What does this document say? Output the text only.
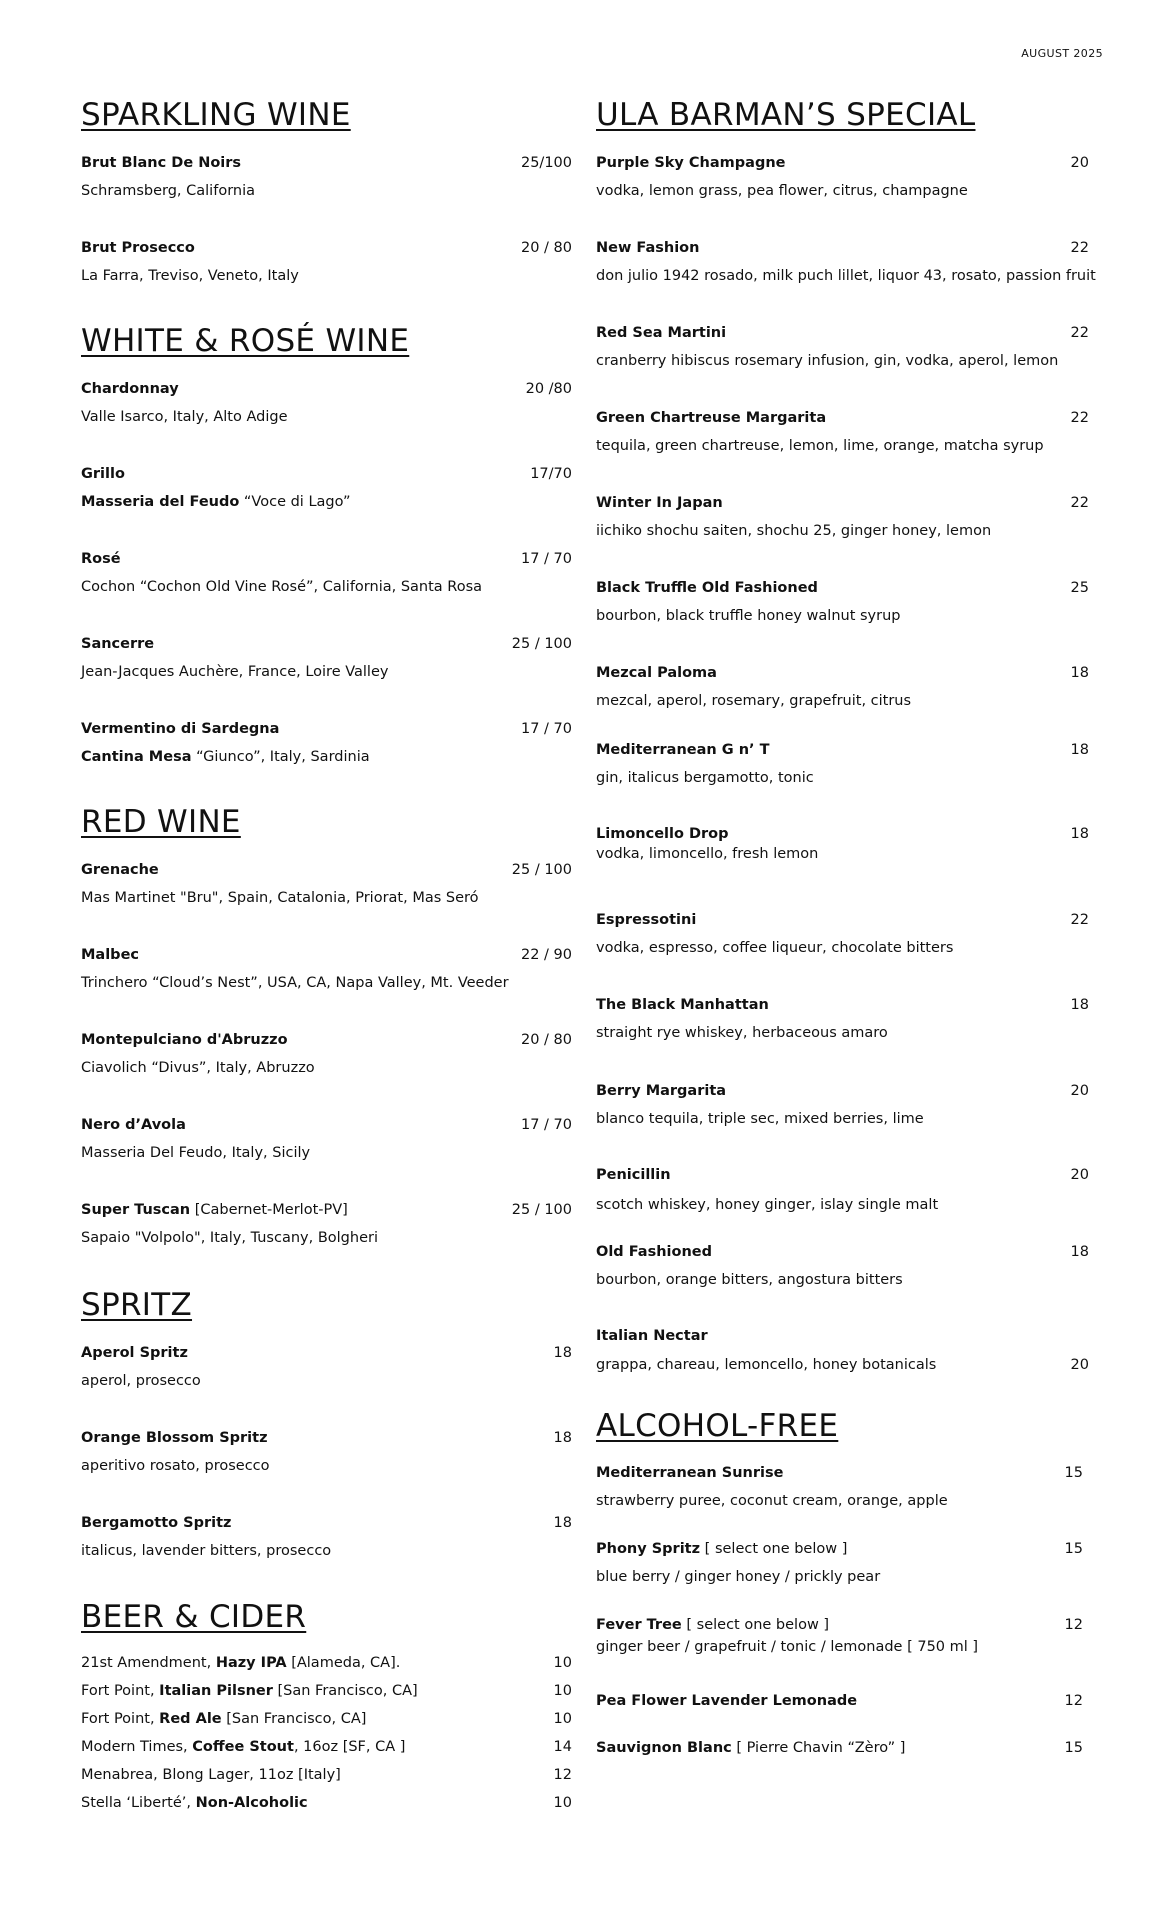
AUGUST 2025
SPARKLING WINE
Brut Blanc De Noirs	25/100
Schramsberg, California
Brut Prosecco	20 / 80
La Farra, Treviso, Veneto, Italy
WHITE & ROSÉ WINE
Chardonnay	20 /80
Valle Isarco, Italy, Alto Adige
Grillo	17/70
Masseria del Feudo “Voce di Lago”
Rosé	17 / 70
Cochon “Cochon Old Vine Rosé”, California, Santa Rosa
Sancerre	25 / 100
Jean-Jacques Auchère, France, Loire Valley
Vermentino di Sardegna	17 / 70
Cantina Mesa “Giunco”, Italy, Sardinia
RED WINE
Grenache	25 / 100
Mas Martinet "Bru", Spain, Catalonia, Priorat, Mas Seró
Malbec	22 / 90
Trinchero “Cloud’s Nest”, USA, CA, Napa Valley, Mt. Veeder
Montepulciano d'Abruzzo	20 / 80
Ciavolich “Divus”, Italy, Abruzzo
Nero d’Avola	17 / 70
Masseria Del Feudo, Italy, Sicily
Super Tuscan [Cabernet-Merlot-PV]	25 / 100
Sapaio "Volpolo", Italy, Tuscany, Bolgheri
SPRITZ
Aperol Spritz	18
aperol, prosecco
Orange Blossom Spritz	18
aperitivo rosato, prosecco
Bergamotto Spritz	18
italicus, lavender bitters, prosecco
BEER & CIDER
21st Amendment, Hazy IPA [Alameda, CA].	10
Fort Point, Italian Pilsner [San Francisco, CA]	10
Fort Point, Red Ale [San Francisco, CA]	10
Modern Times, Coffee Stout, 16oz [SF, CA ]	14
Menabrea, Blong Lager, 11oz [Italy]	12
Stella ‘Liberté’, Non-Alcoholic	10
ULA BARMAN’S SPECIAL
Purple Sky Champagne	20
vodka, lemon grass, pea flower, citrus, champagne
New Fashion	22
don julio 1942 rosado, milk puch lillet, liquor 43, rosato, passion fruit
Red Sea Martini	22
cranberry hibiscus rosemary infusion, gin, vodka, aperol, lemon
Green Chartreuse Margarita	22
tequila, green chartreuse, lemon, lime, orange, matcha syrup
Winter In Japan	22
iichiko shochu saiten, shochu 25, ginger honey, lemon
Black Truffle Old Fashioned	25
bourbon, black truffle honey walnut syrup
Mezcal Paloma	18
mezcal, aperol, rosemary, grapefruit, citrus
Mediterranean G n’ T	18
gin, italicus bergamotto, tonic
Limoncello Drop	18
vodka, limoncello, fresh lemon
Espressotini	22
vodka, espresso, coffee liqueur, chocolate bitters
The Black Manhattan	18
straight rye whiskey, herbaceous amaro
Berry Margarita	20
blanco tequila, triple sec, mixed berries, lime
Penicillin	20
scotch whiskey, honey ginger, islay single malt
Old Fashioned	18
bourbon, orange bitters, angostura bitters
Italian Nectar
grappa, chareau, lemoncello, honey botanicals	20
ALCOHOL-FREE
Mediterranean Sunrise	15
strawberry puree, coconut cream, orange, apple
Phony Spritz [ select one below ]	15
blue berry / ginger honey / prickly pear
Fever Tree [ select one below ]	12
ginger beer / grapefruit / tonic / lemonade [ 750 ml ]
Pea Flower Lavender Lemonade	12
Sauvignon Blanc [ Pierre Chavin “Zèro” ]	15
